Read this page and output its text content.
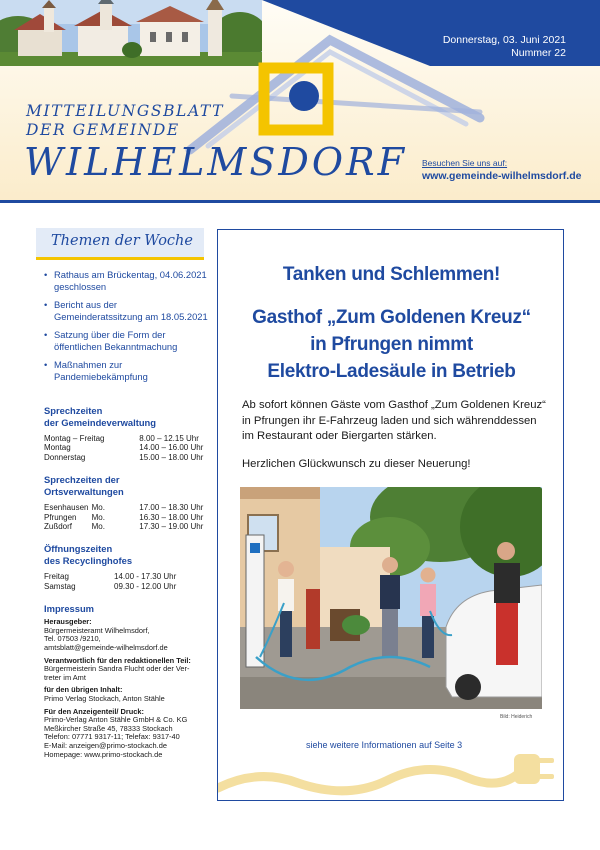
MITTEILUNGSBLATT
DER GEMEINDE
WILHELMSDORF
Donnerstag, 03. Juni 2021
Nummer 22
Besuchen Sie uns auf:
www.gemeinde-wilhelmsdorf.de
Themen der Woche
• Rathaus am Brückentag, 04.06.2021 geschlossen
• Bericht aus der Gemeinderatssitzung am 18.05.2021
• Satzung über die Form der öffentlichen Bekanntmachung
• Maßnahmen zur Pandemiebekämpfung
Sprechzeiten
der Gemeindeverwaltung
Montag – Freitag	8.00 – 12.15 Uhr
Montag	14.00 – 16.00 Uhr
Donnerstag	15.00 – 18.00 Uhr
Sprechzeiten der
Ortsverwaltungen
Esenhausen Mo.	17.00 – 18.30 Uhr
Pfrungen	Mo.	16.30 – 18.00 Uhr
Zußdorf	Mo.	17.30 – 19.00 Uhr
Öffnungszeiten
des Recyclinghofes
Freitag	14.00 - 17.30 Uhr
Samstag	09.30 - 12.00 Uhr
Impressum
Herausgeber:
Bürgermeisteramt Wilhelmsdorf,
Tel. 07503 /9210,
amtsblatt@gemeinde-wilhelmsdorf.de
Verantwortlich für den redaktionellen Teil:
Bürgermeisterin Sandra Flucht oder der Ver-
treter im Amt
für den übrigen Inhalt:
Primo Verlag Stockach, Anton Stähle
Für den Anzeigenteil/ Druck:
Primo-Verlag Anton Stähle GmbH & Co. KG
Meßkircher Straße 45, 78333 Stockach
Telefon: 07771 9317-11; Telefax: 9317-40
E-Mail: anzeigen@primo-stockach.de
Homepage: www.primo-stockach.de
Tanken und Schlemmen!
Gasthof „Zum Goldenen Kreuz“
in Pfrungen nimmt
Elektro-Ladesäule in Betrieb
Ab sofort können Gäste vom Gasthof „Zum Goldenen Kreuz“
in Pfrungen ihr E-Fahrzeug laden und sich währenddessen
im Restaurant oder Biergarten stärken.
Herzlichen Glückwunsch zu dieser Neuerung!
Bild: Heiderich
siehe weitere Informationen auf Seite 3
